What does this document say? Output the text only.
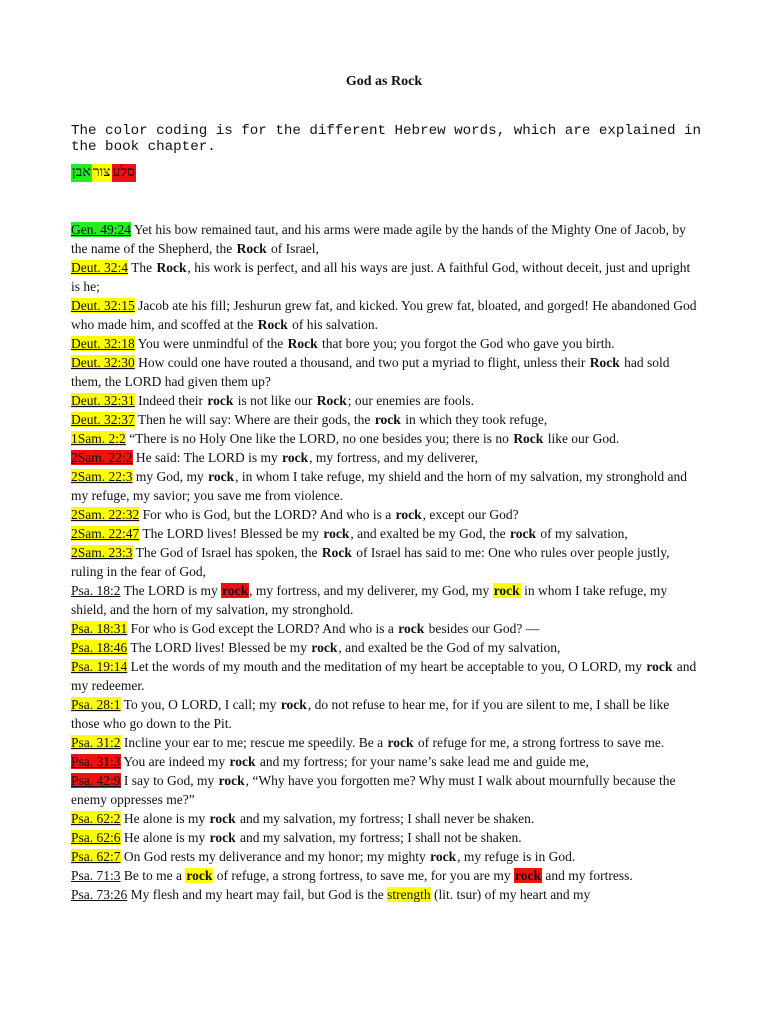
God as Rock
The color coding is for the different Hebrew words, which are explained in the book chapter.
סלע
צור
אבן

Gen. 49:24 Yet his bow remained taut, and his arms were made agile by the hands of the Mighty One of Jacob, by the name of the Shepherd, the Rock of Israel,

Deut. 32:4 The Rock, his work is perfect, and all his ways are just. A faithful God, without deceit, just and upright is he;

Deut. 32:15 Jacob ate his fill; Jeshurun grew fat, and kicked. You grew fat, bloated, and gorged! He abandoned God who made him, and scoffed at the Rock of his salvation.

Deut. 32:18 You were unmindful of the Rock that bore you; you forgot the God who gave you birth.

Deut. 32:30 How could one have routed a thousand, and two put a myriad to flight, unless their Rock had sold them, the LORD had given them up?

Deut. 32:31 Indeed their rock is not like our Rock; our enemies are fools.

Deut. 32:37 Then he will say: Where are their gods, the rock in which they took refuge,

1Sam. 2:2 “There is no Holy One like the LORD, no one besides you; there is no Rock like our God.

2Sam. 22:2 He said: The LORD is my rock, my fortress, and my deliverer,

2Sam. 22:3 my God, my rock, in whom I take refuge, my shield and the horn of my salvation, my stronghold and my refuge, my savior; you save me from violence.

2Sam. 22:32 For who is God, but the LORD? And who is a rock, except our God?

2Sam. 22:47 The LORD lives! Blessed be my rock, and exalted be my God, the rock of my salvation,

2Sam. 23:3 The God of Israel has spoken, the Rock of Israel has said to me: One who rules over people justly, ruling in the fear of God,

Psa. 18:2 The LORD is my rock, my fortress, and my deliverer, my God, my rock in whom I take refuge, my shield, and the horn of my salvation, my stronghold.

Psa. 18:31 For who is God except the LORD? And who is a rock besides our God? —

Psa. 18:46 The LORD lives! Blessed be my rock, and exalted be the God of my salvation,

Psa. 19:14 Let the words of my mouth and the meditation of my heart be acceptable to you, O LORD, my rock and my redeemer.

Psa. 28:1 To you, O LORD, I call; my rock, do not refuse to hear me, for if you are silent to me, I shall be like those who go down to the Pit.

Psa. 31:2 Incline your ear to me; rescue me speedily. Be a rock of refuge for me, a strong fortress to save me.

Psa. 31:3 You are indeed my rock and my fortress; for your name’s sake lead me and guide me,

Psa. 42:9 I say to God, my rock, “Why have you forgotten me? Why must I walk about mournfully because the enemy oppresses me?”

Psa. 62:2 He alone is my rock and my salvation, my fortress; I shall never be shaken.

Psa. 62:6 He alone is my rock and my salvation, my fortress; I shall not be shaken.

Psa. 62:7 On God rests my deliverance and my honor; my mighty rock, my refuge is in God.

Psa. 71:3 Be to me a rock of refuge, a strong fortress, to save me, for you are my rock and my fortress.

Psa. 73:26 My flesh and my heart may fail, but God is the strength (lit. tsur) of my heart and my
